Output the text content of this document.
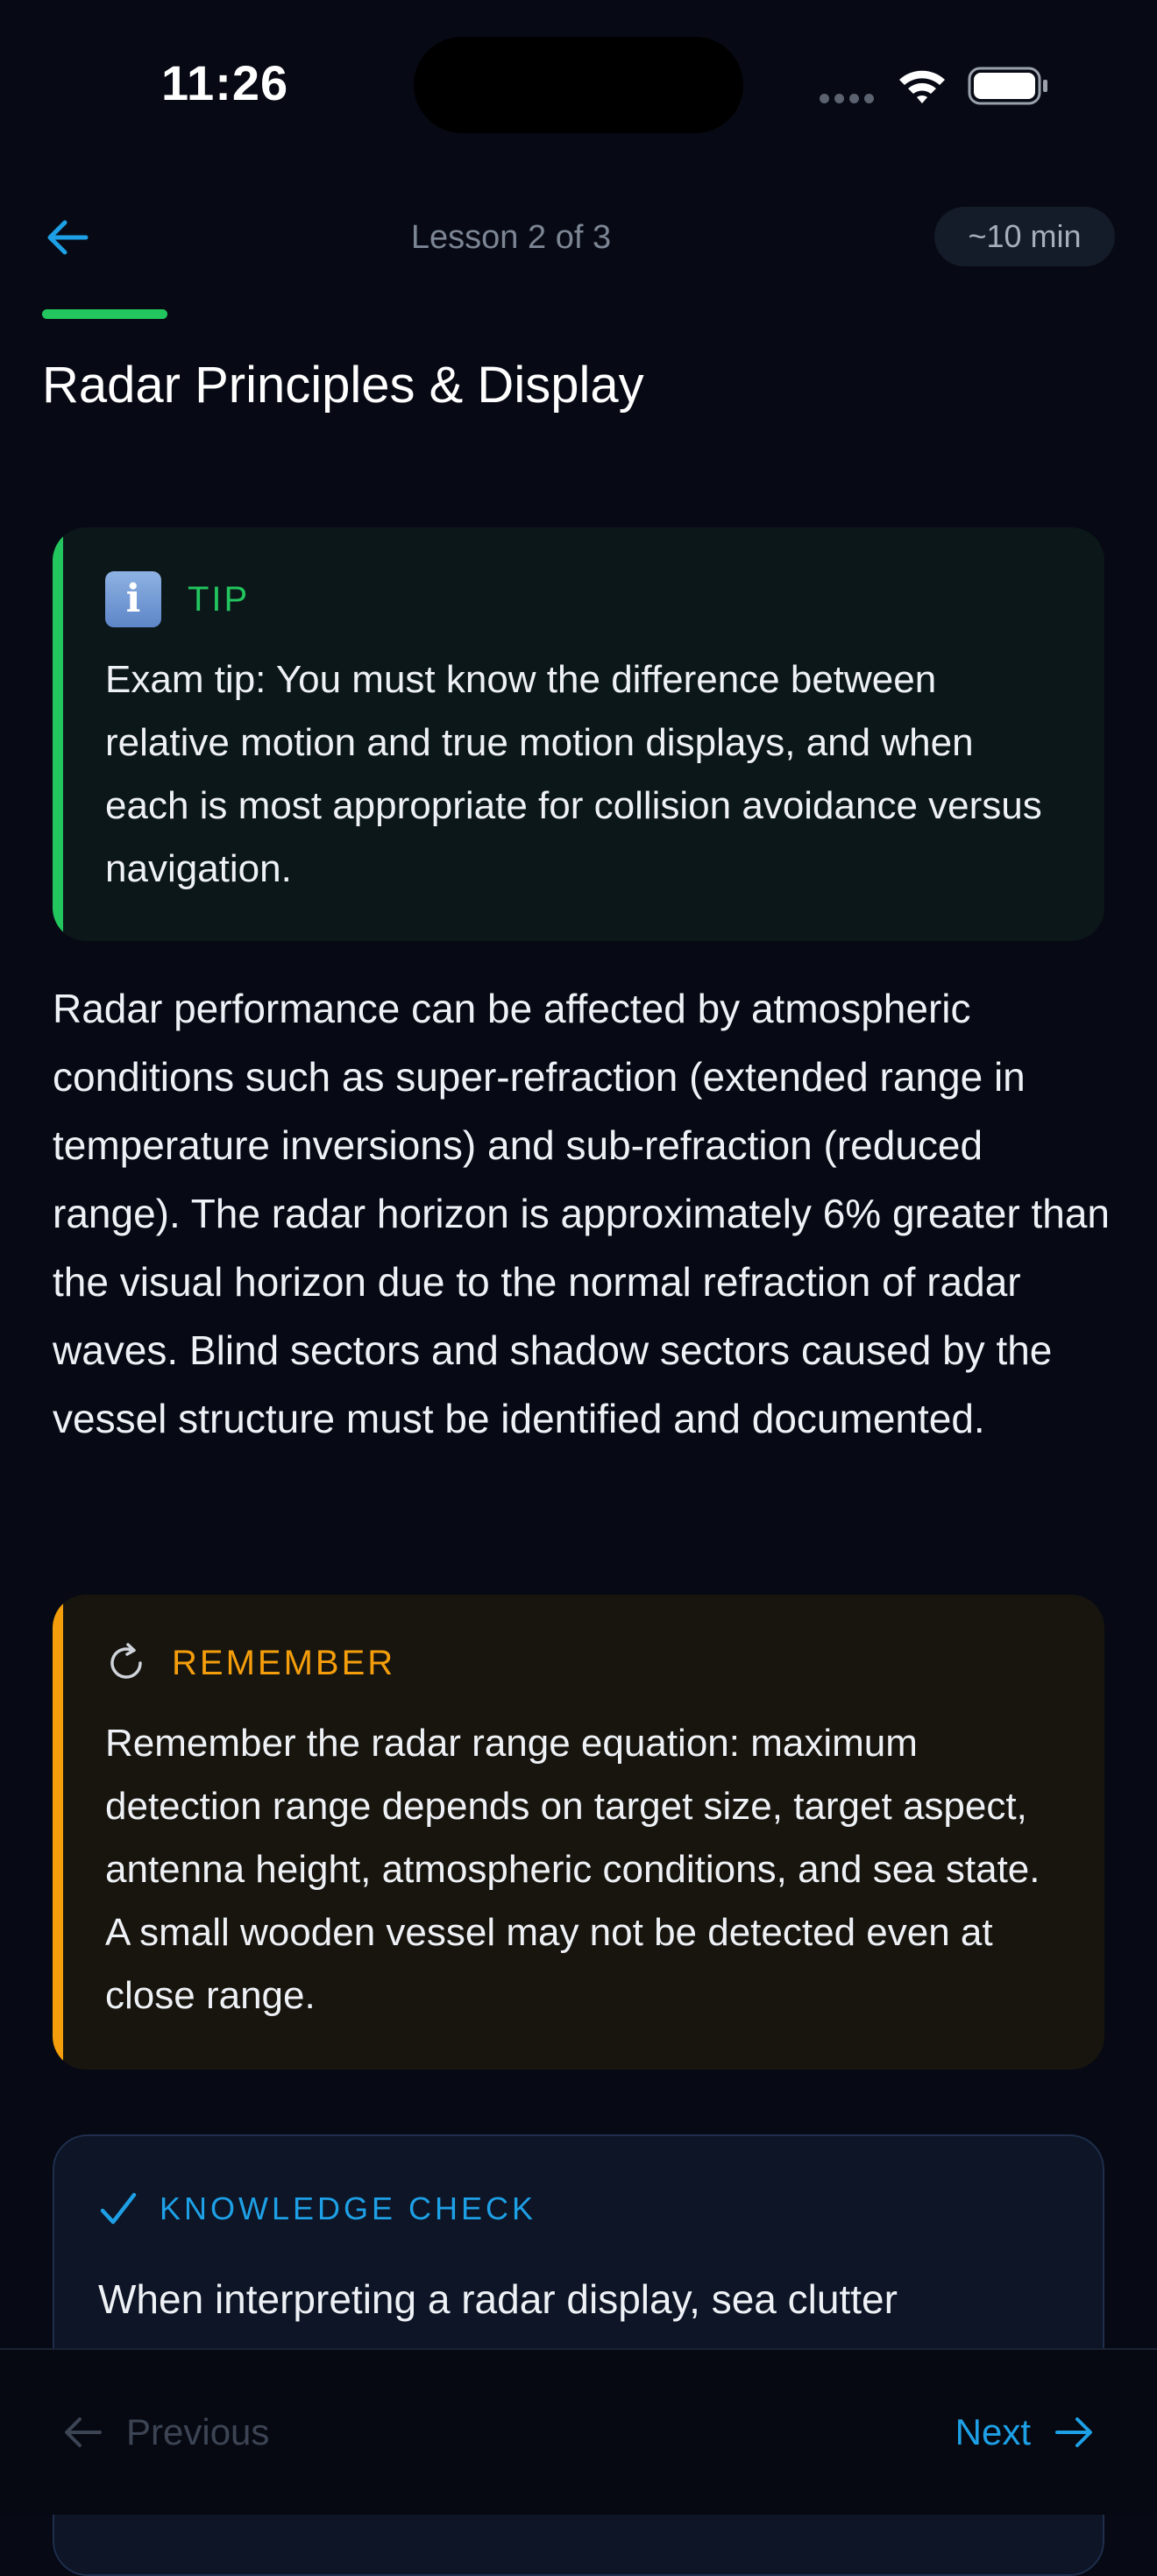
11:26
Lesson 2 of 3	~10 min
Radar Principles & Display
i	TIP
Exam tip: You must know the difference between relative motion and true motion displays, and when each is most appropriate for collision avoidance versus navigation.
Radar performance can be affected by atmospheric conditions such as super-refraction (extended range in temperature inversions) and sub-refraction (reduced range). The radar horizon is approximately 6% greater than the visual horizon due to the normal refraction of radar waves. Blind sectors and shadow sectors caused by the vessel structure must be identified and documented.
REMEMBER
Remember the radar range equation: maximum detection range depends on target size, target aspect, antenna height, atmospheric conditions, and sea state. A small wooden vessel may not be detected even at close range.
KNOWLEDGE CHECK
When interpreting a radar display, sea clutter
Previous	Next
